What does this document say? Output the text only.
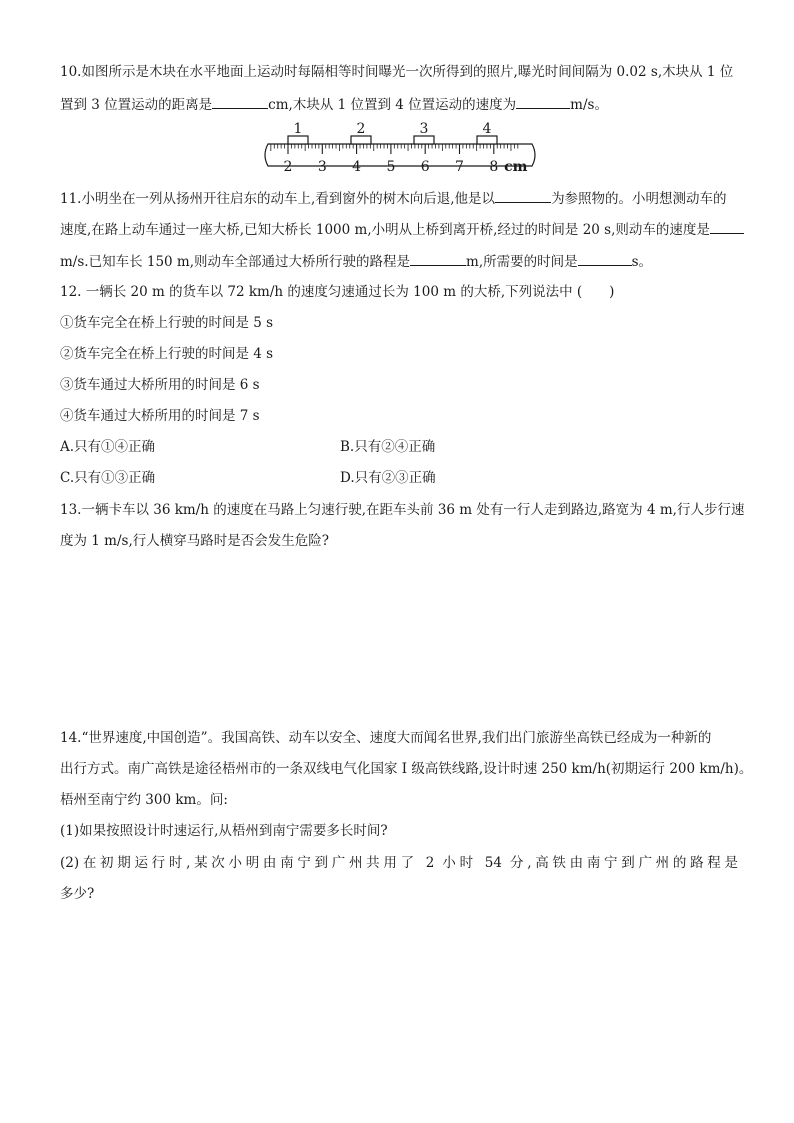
10.如图所示是木块在水平地面上运动时每隔相等时间曝光一次所得到的照片,曝光时间间隔为 0.02 s,木块从 1 位
置到 3 位置运动的距离是	cm,木块从 1 位置到 4 位置运动的速度为	m/s。
1	2	3	4
2 3 4 5 6 7 8 cm
11.小明坐在一列从扬州开往启东的动车上,看到窗外的树木向后退,他是以	为参照物的。小明想测动车的
速度,在路上动车通过一座大桥,已知大桥长 1000 m,小明从上桥到离开桥,经过的时间是 20 s,则动车的速度是
m/s.已知车长 150 m,则动车全部通过大桥所行驶的路程是	m,所需要的时间是	s。
12. 一辆长 20 m 的货车以 72 km/h 的速度匀速通过长为 100 m 的大桥,下列说法中 (　　)
①货车完全在桥上行驶的时间是 5 s
②货车完全在桥上行驶的时间是 4 s
③货车通过大桥所用的时间是 6 s
④货车通过大桥所用的时间是 7 s
A.只有①④正确	B.只有②④正确
C.只有①③正确	D.只有②③正确
13.一辆卡车以 36 km/h 的速度在马路上匀速行驶,在距车头前 36 m 处有一行人走到路边,路宽为 4 m,行人步行速
度为 1 m/s,行人横穿马路时是否会发生危险?
14.“世界速度,中国创造”。我国高铁、动车以安全、速度大而闻名世界,我们出门旅游坐高铁已经成为一种新的
出行方式。南广高铁是途径梧州市的一条双线电气化国家 I 级高铁线路,设计时速 250 km/h(初期运行 200 km/h)。
梧州至南宁约 300 km。问:
(1)如果按照设计时速运行,从梧州到南宁需要多长时间?
(2)在初期运行时,某次小明由南宁到广州共用了 2 小时 54 分,高铁由南宁到广州的路程是
多少?
